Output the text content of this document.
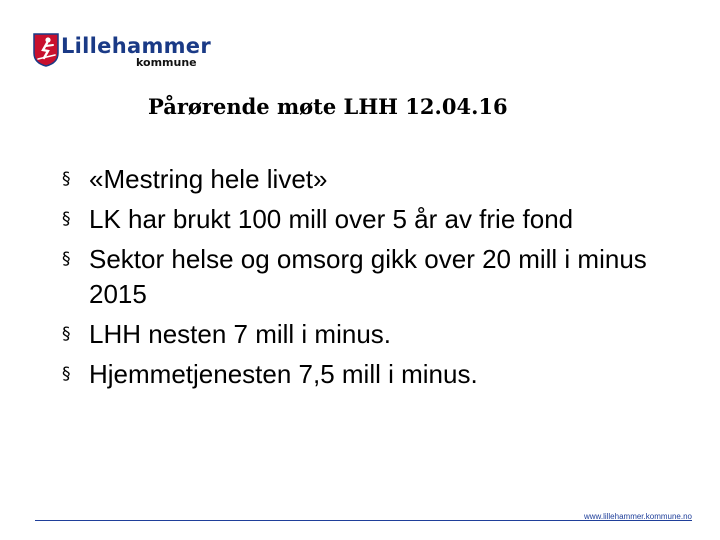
Lillehammer
kommune
Pårørende møte LHH 12.04.16
§ «Mestring hele livet»
§ LK har brukt 100 mill over 5 år av frie fond
§ Sektor helse og omsorg gikk over 20 mill i minus 2015
§ LHH nesten 7 mill i minus.
§ Hjemmetjenesten 7,5 mill i minus.
www.lillehammer.kommune.no
